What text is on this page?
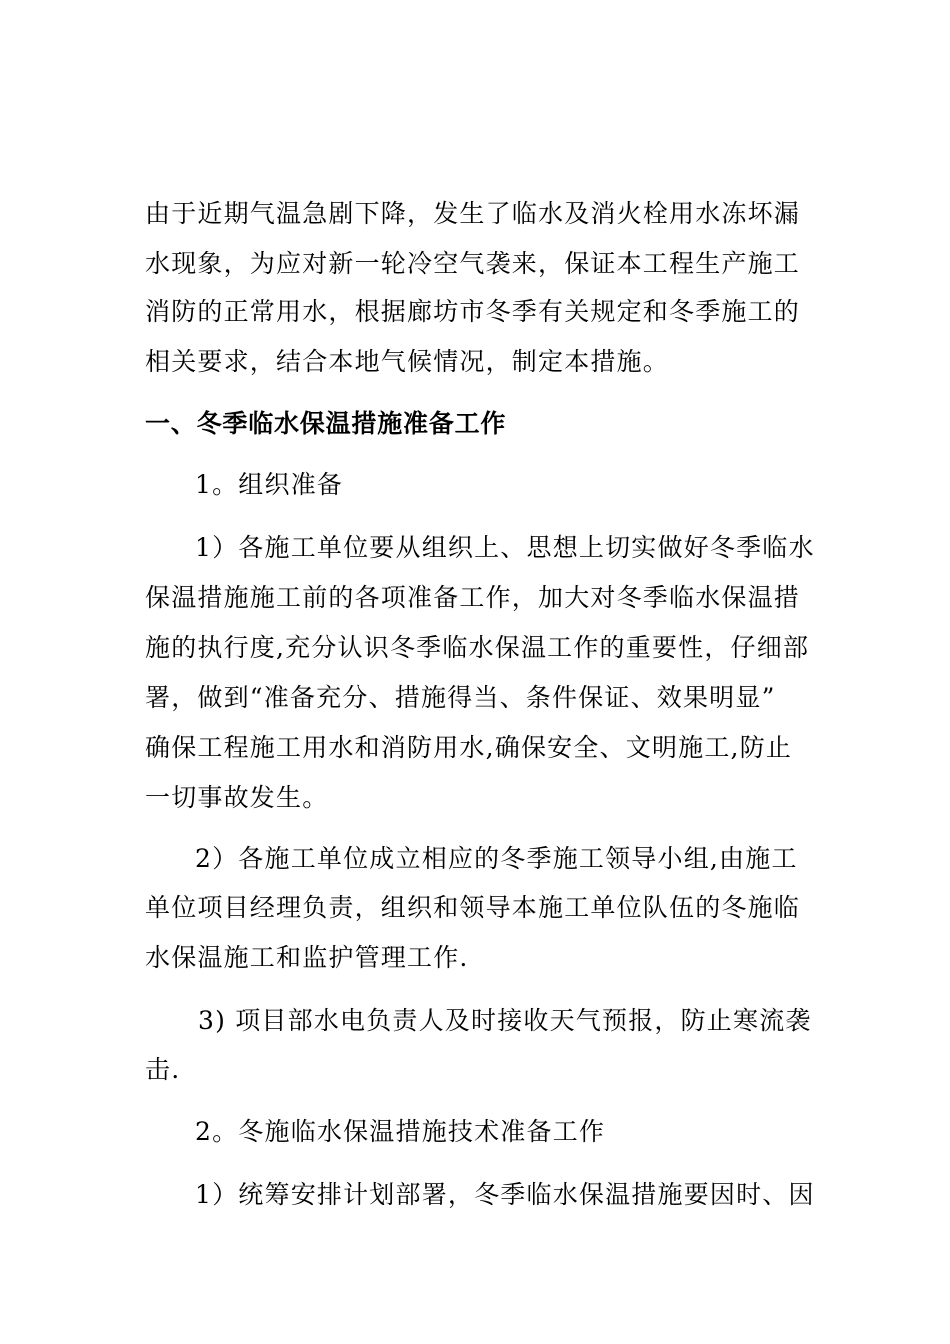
由于近期气温急剧下降，发生了临水及消火栓用水冻坏漏

水现象，为应对新一轮冷空气袭来，保证本工程生产施工

消防的正常用水，根据廊坊市冬季有关规定和冬季施工的

相关要求，结合本地气候情况，制定本措施。

一、冬季临水保温措施准备工作

1。组织准备

1）各施工单位要从组织上、思想上切实做好冬季临水

保温措施施工前的各项准备工作，加大对冬季临水保温措

施的执行度,充分认识冬季临水保温工作的重要性，仔细部

署，做到“准备充分、措施得当、条件保证、效果明显”

确保工程施工用水和消防用水,确保安全、文明施工,防止

一切事故发生。

2）各施工单位成立相应的冬季施工领导小组,由施工

单位项目经理负责，组织和领导本施工单位队伍的冬施临

水保温施工和监护管理工作.

3) 项目部水电负责人及时接收天气预报，防止寒流袭

击.

2。冬施临水保温措施技术准备工作

1）统筹安排计划部署，冬季临水保温措施要因时、因
